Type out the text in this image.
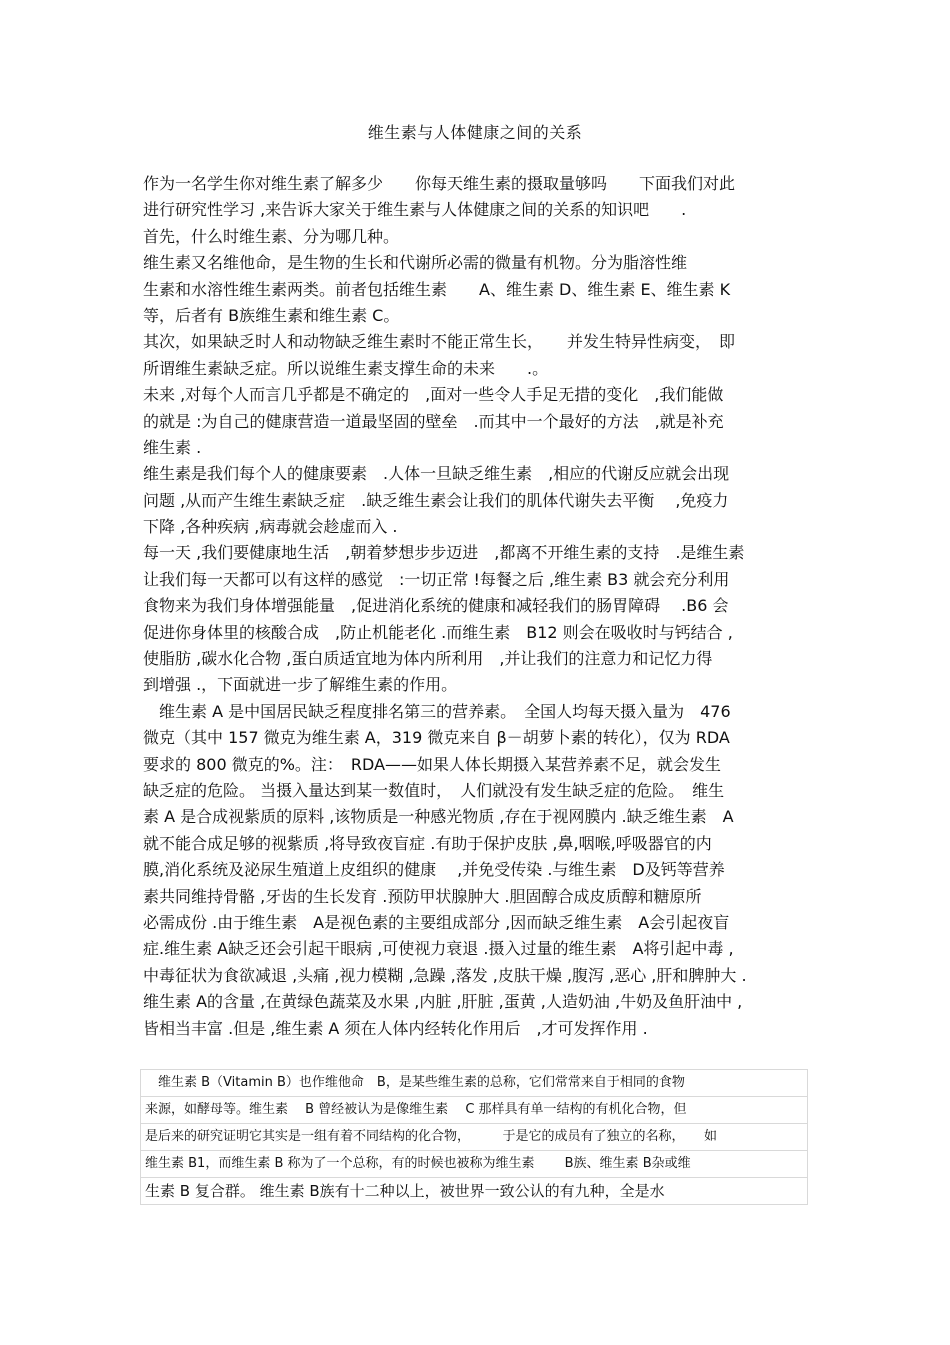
维生素与人体健康之间的关系
作为一名学生你对维生素了解多少　　你每天维生素的摄取量够吗　　下面我们对此
进行研究性学习 ,来告诉大家关于维生素与人体健康之间的关系的知识吧　　.
首先，什么时维生素、分为哪几种。
维生素又名维他命，是生物的生长和代谢所必需的微量有机物。分为脂溶性维
生素和水溶性维生素两类。前者包括维生素　　A、维生素 D、维生素 E、维生素 K
等，后者有 B族维生素和维生素 C。
其次，如果缺乏时人和动物缺乏维生素时不能正常生长，　　并发生特异性病变，　即
所谓维生素缺乏症。所以说维生素支撑生命的未来　　.。
未来 ,对每个人而言几乎都是不确定的　,面对一些令人手足无措的变化　,我们能做
的就是 :为自己的健康营造一道最坚固的壁垒　.而其中一个最好的方法　,就是补充
维生素 .
维生素是我们每个人的健康要素　.人体一旦缺乏维生素　,相应的代谢反应就会出现
问题 ,从而产生维生素缺乏症　.缺乏维生素会让我们的肌体代谢失去平衡　 ,免疫力
下降 ,各种疾病 ,病毒就会趁虚而入 .
每一天 ,我们要健康地生活　,朝着梦想步步迈进　,都离不开维生素的支持　.是维生素
让我们每一天都可以有这样的感觉　:一切正常 !每餐之后 ,维生素 B3 就会充分利用
食物来为我们身体增强能量　,促进消化系统的健康和减轻我们的肠胃障碍　 .B6 会
促进你身体里的核酸合成　,防止机能老化 .而维生素　B12 则会在吸收时与钙结合 ,
使脂肪 ,碳水化合物 ,蛋白质适宜地为体内所利用　,并让我们的注意力和记忆力得
到增强 .，下面就进一步了解维生素的作用。
　维生素 A 是中国居民缺乏程度排名第三的营养素。　全国人均每天摄入量为　476
微克（其中 157 微克为维生素 A，319 微克来自 β－胡萝卜素的转化），仅为 RDA
要求的 800 微克的%。注：　RDA——如果人体长期摄入某营养素不足，就会发生
缺乏症的危险。 当摄入量达到某一数值时，　人们就没有发生缺乏症的危险。　维生
素 A 是合成视紫质的原料 ,该物质是一种感光物质 ,存在于视网膜内 .缺乏维生素　A
就不能合成足够的视紫质 ,将导致夜盲症 .有助于保护皮肤 ,鼻,咽喉,呼吸器官的内
膜,消化系统及泌尿生殖道上皮组织的健康　 ,并免受传染 .与维生素　D及钙等营养
素共同维持骨骼 ,牙齿的生长发育 .预防甲状腺肿大 .胆固醇合成皮质醇和糖原所
必需成份 .由于维生素　A是视色素的主要组成部分 ,因而缺乏维生素　A会引起夜盲
症.维生素 A缺乏还会引起干眼病 ,可使视力衰退 .摄入过量的维生素　A将引起中毒 ,
中毒征状为食欲减退 ,头痛 ,视力模糊 ,急躁 ,落发 ,皮肤干燥 ,腹泻 ,恶心 ,肝和脾肿大 .
维生素 A的含量 ,在黄绿色蔬菜及水果 ,内脏 ,肝脏 ,蛋黄 ,人造奶油 ,牛奶及鱼肝油中 ,
皆相当丰富 .但是 ,维生素 A 须在人体内经转化作用后　,才可发挥作用 .
　维生素 B（Vitamin B）也作维他命　B，是某些维生素的总称，它们常常来自于相同的食物
来源，如酵母等。维生素　 B 曾经被认为是像维生素　 C 那样具有单一结构的有机化合物，但
是后来的研究证明它其实是一组有着不同结构的化合物，　　　于是它的成员有了独立的名称，　　如
维生素 B1，而维生素 B 称为了一个总称，有的时候也被称为维生素　　 B族、维生素 B杂或维
生素 B 复合群。 维生素 B族有十二种以上，被世界一致公认的有九种，全是水
